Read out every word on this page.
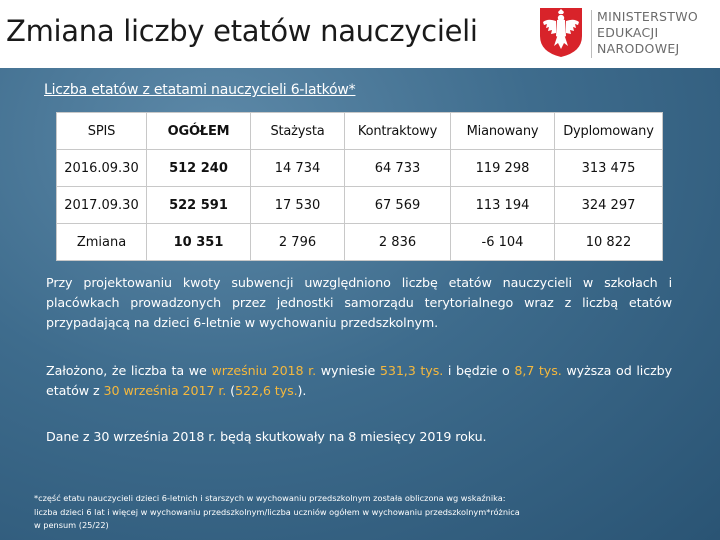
Zmiana liczby etatów nauczycieli	MINISTERSTWO
EDUKACJI
NARODOWEJ
Liczba etatów z etatami nauczycieli 6-latków*
SPIS	OGÓŁEM	Stażysta	Kontraktowy	Mianowany	Dyplomowany
2016.09.30	512 240	14 734	64 733	119 298	313 475
2017.09.30	522 591	17 530	67 569	113 194	324 297
Zmiana	10 351	2 796	2 836	-6 104	10 822
Przy projektowaniu kwoty subwencji uwzględniono liczbę etatów nauczycieli w szkołach i placówkach prowadzonych przez jednostki samorządu terytorialnego wraz z liczbą etatów przypadającą na dzieci 6-letnie w wychowaniu przedszkolnym.
Założono, że liczba ta we wrześniu 2018 r. wyniesie 531,3 tys. i będzie o 8,7 tys. wyższa od liczby etatów z 30 września 2017 r. (522,6 tys.).
Dane z 30 września 2018 r. będą skutkowały na 8 miesięcy 2019 roku.
*część etatu nauczycieli dzieci 6-letnich i starszych w wychowaniu przedszkolnym została obliczona wg wskaźnika:
liczba dzieci 6 lat i więcej w wychowaniu przedszkolnym/liczba uczniów ogółem w wychowaniu przedszkolnym*różnica
w pensum (25/22)
